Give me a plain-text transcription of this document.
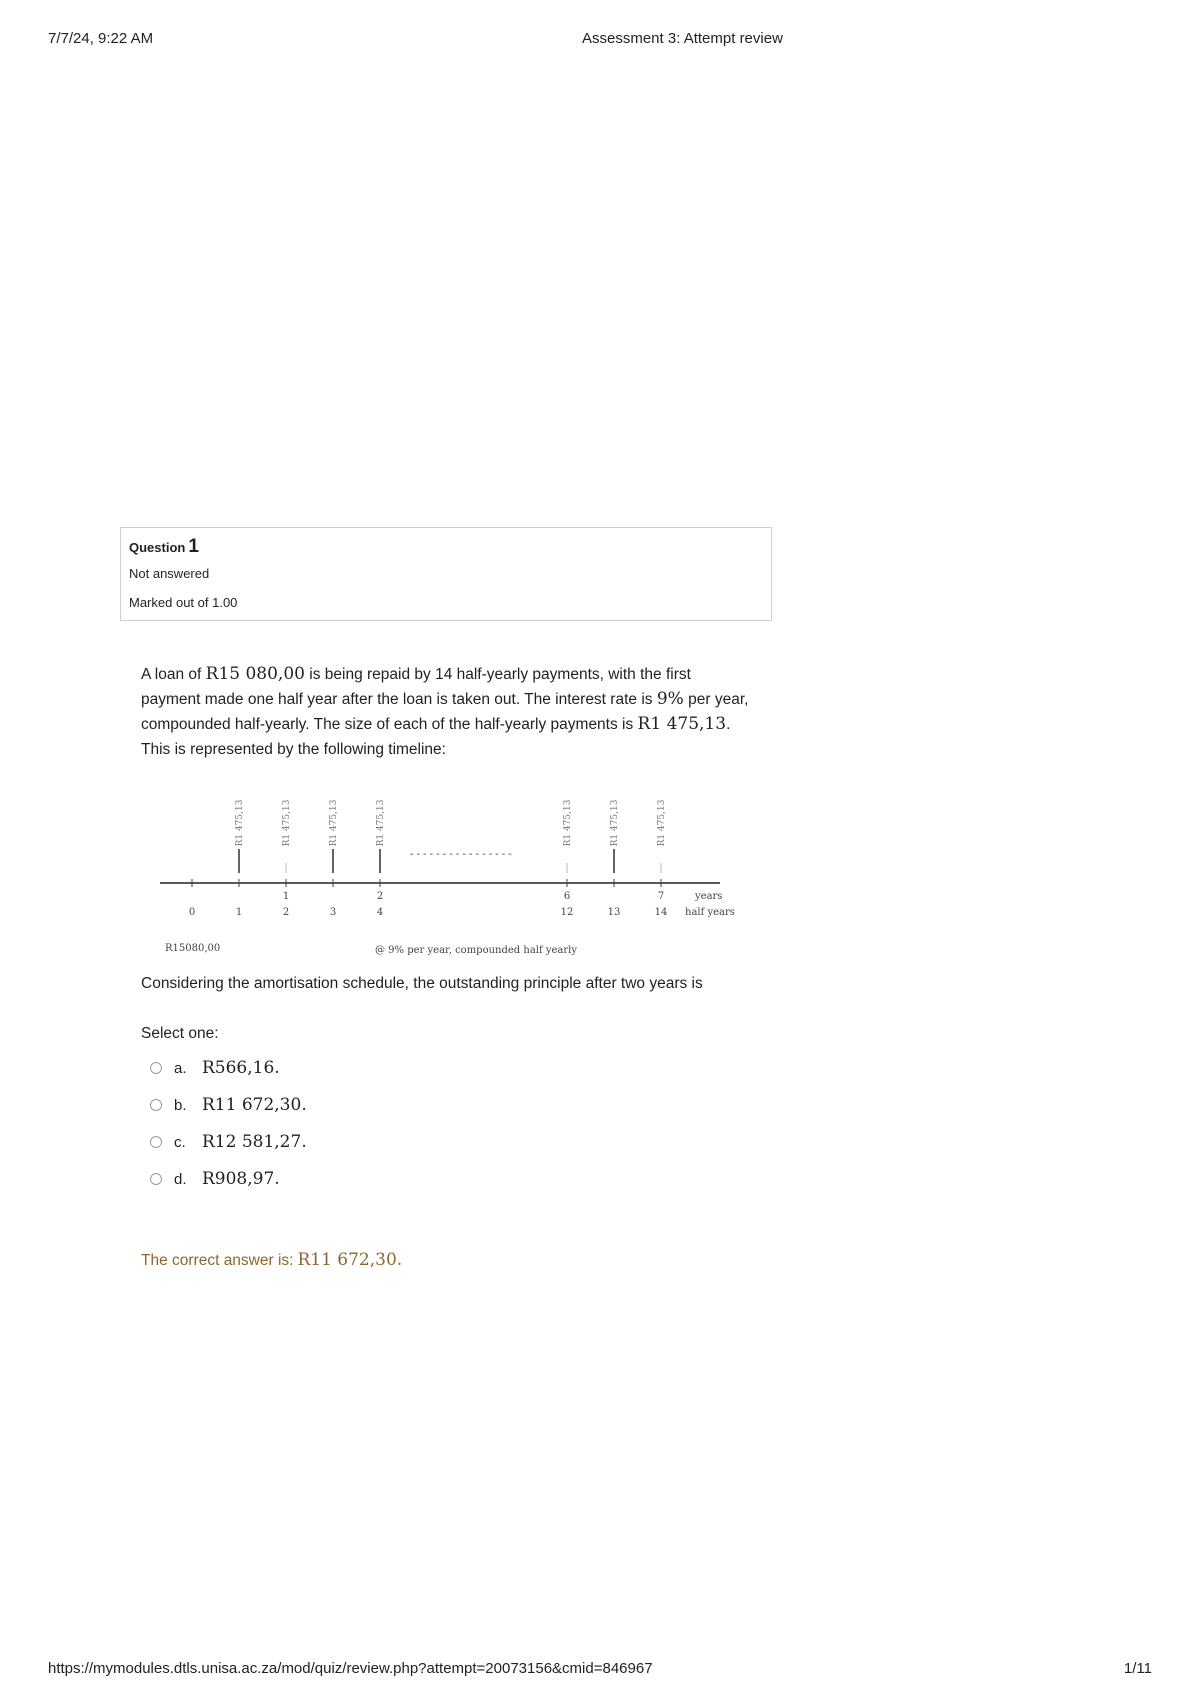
7/7/24, 9:22 AM	Assessment 3: Attempt review
Question 1
Not answered
Marked out of 1.00
A loan of R15 080,00 is being repaid by 14 half-yearly payments, with the first payment made one half year after the loan is taken out. The interest rate is 9% per year, compounded half-yearly. The size of each of the half-yearly payments is R1 475,13. This is represented by the following timeline:
R1 475,13	R1 475,13	R1 475,13	R1 475,13	R1 475,13	R1 475,13	R1 475,13
- - - - - - - - - - - - - - - -
1	2	6	7	years
0	1	2	3	4	12	13	14 half years
R15080,00	@ 9% per year, compounded half yearly
Considering the amortisation schedule, the outstanding principle after two years is
Select one:
a. R566,16.
b. R11 672,30.
c. R12 581,27.
d. R908,97.
The correct answer is: R11 672,30.
https://mymodules.dtls.unisa.ac.za/mod/quiz/review.php?attempt=20073156&cmid=846967	1/11
